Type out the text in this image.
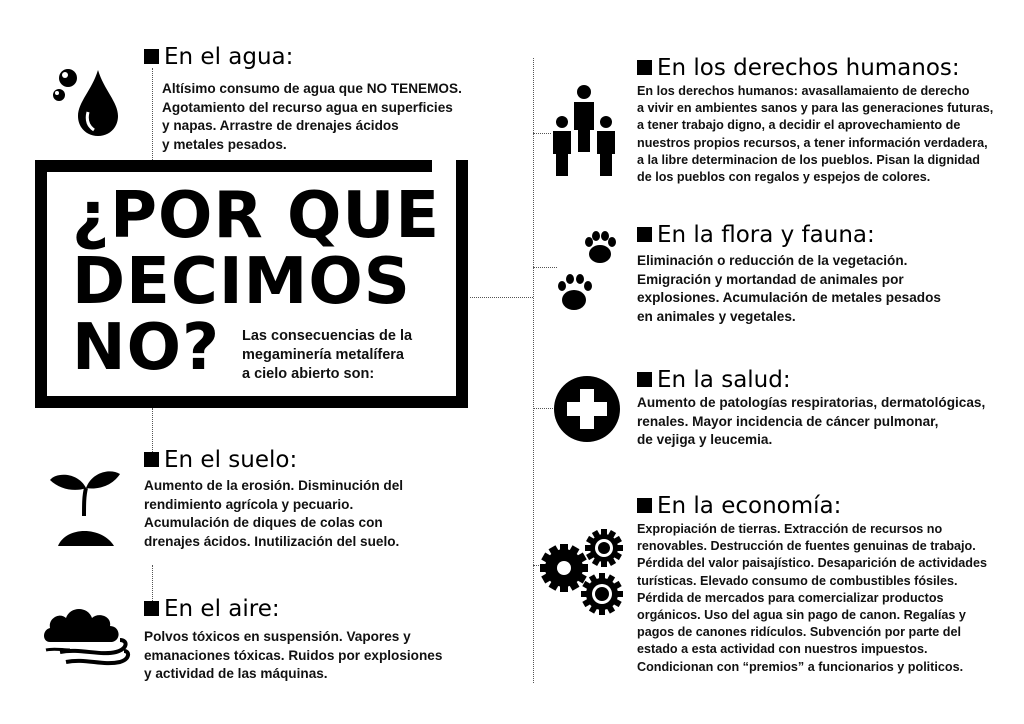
¿POR QUE
DECIMOS
NO? Las consecuencias de la
megaminería metalífera
a cielo abierto son:
En el agua:
Altísimo consumo de agua que NO TENEMOS.
Agotamiento del recurso agua en superficies
y napas. Arrastre de drenajes ácidos
y metales pesados.
En el suelo:
Aumento de la erosión. Disminución del
rendimiento agrícola y pecuario.
Acumulación de diques de colas con
drenajes ácidos. Inutilización del suelo.
En el aire:
Polvos tóxicos en suspensión. Vapores y
emanaciones tóxicas. Ruidos por explosiones
y actividad de las máquinas.
En los derechos humanos:
En los derechos humanos: avasallamaiento de derecho
a vivir en ambientes sanos y para las generaciones futuras,
a tener trabajo digno, a decidir el aprovechamiento de
nuestros propios recursos, a tener información verdadera,
a la libre determinacion de los pueblos. Pisan la dignidad
de los pueblos con regalos y espejos de colores.
En la flora y fauna:
Eliminación o reducción de la vegetación.
Emigración y mortandad de animales por
explosiones. Acumulación de metales pesados
en animales y vegetales.
En la salud:
Aumento de patologías respiratorias, dermatológicas,
renales. Mayor incidencia de cáncer pulmonar,
de vejiga y leucemia.
En la economía:
Expropiación de tierras. Extracción de recursos no
renovables. Destrucción de fuentes genuinas de trabajo.
Pérdida del valor paisajístico. Desaparición de actividades
turísticas. Elevado consumo de combustibles fósiles.
Pérdida de mercados para comercializar productos
orgánicos. Uso del agua sin pago de canon. Regalías y
pagos de canones ridículos. Subvención por parte del
estado a esta actividad con nuestros impuestos.
Condicionan con “premios” a funcionarios y politicos.
